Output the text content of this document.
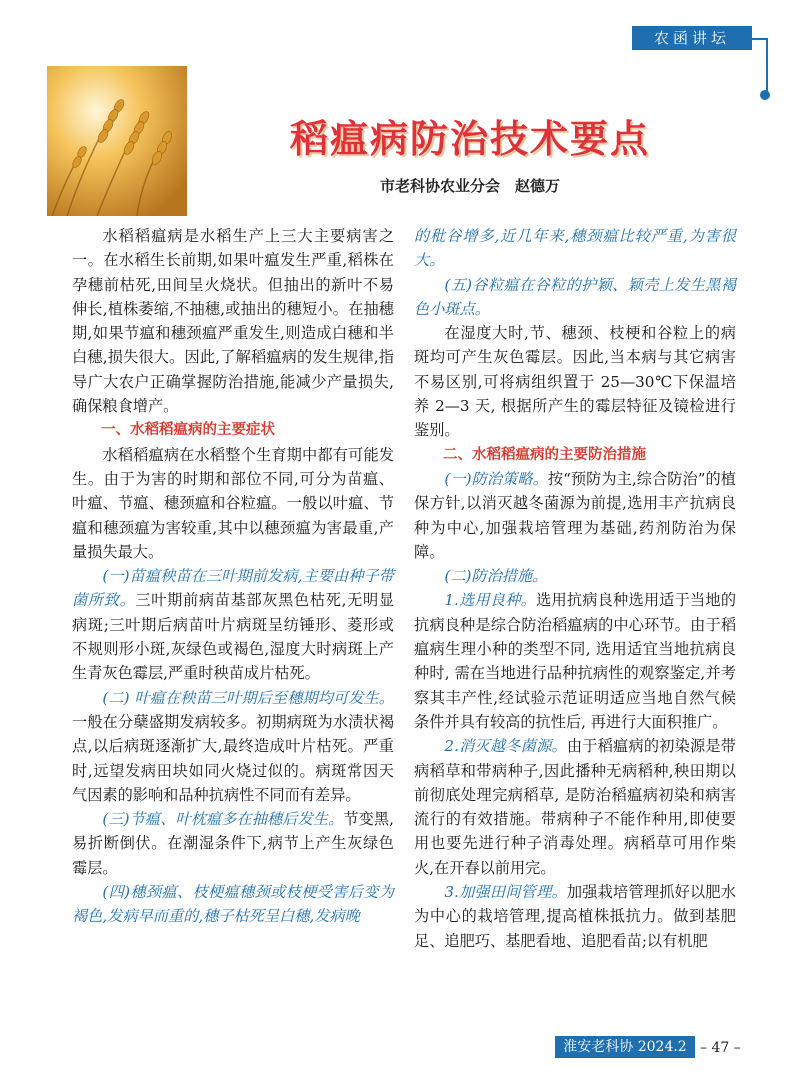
农函讲坛
稻瘟病防治技术要点
市老科协农业分会　赵德万

水稻稻瘟病是水稻生产上三大主要病害之一。在水稻生长前期,如果叶瘟发生严重,稻株在孕穗前枯死,田间呈火烧状。但抽出的新叶不易伸长,植株萎缩,不抽穗,或抽出的穗短小。在抽穗期,如果节瘟和穗颈瘟严重发生,则造成白穗和半白穗,损失很大。因此,了解稻瘟病的发生规律,指导广大农户正确掌握防治措施,能减少产量损失,确保粮食增产。

一、水稻稻瘟病的主要症状

水稻稻瘟病在水稻整个生育期中都有可能发生。由于为害的时期和部位不同,可分为苗瘟、叶瘟、节瘟、穗颈瘟和谷粒瘟。一般以叶瘟、节瘟和穗颈瘟为害较重,其中以穗颈瘟为害最重,产量损失最大。

(一)苗瘟秧苗在三叶期前发病,主要由种子带菌所致。三叶期前病苗基部灰黑色枯死,无明显病斑;三叶期后病苗叶片病斑呈纺锤形、菱形或不规则形小斑,灰绿色或褐色,湿度大时病斑上产生青灰色霉层,严重时秧苗成片枯死。

(二) 叶瘟在秧苗三叶期后至穗期均可发生。一般在分蘖盛期发病较多。初期病斑为水渍状褐点,以后病斑逐渐扩大,最终造成叶片枯死。严重时,远望发病田块如同火烧过似的。病斑常因天气因素的影响和品种抗病性不同而有差异。

(三)节瘟、叶枕瘟多在抽穗后发生。节变黑,易折断倒伏。在潮湿条件下,病节上产生灰绿色霉层。

(四)穗颈瘟、枝梗瘟穗颈或枝梗受害后变为褐色,发病早而重的,穗子枯死呈白穗,发病晚

的秕谷增多,近几年来,穗颈瘟比较严重,为害很大。

(五)谷粒瘟在谷粒的护颖、颖壳上发生黑褐色小斑点。

在湿度大时,节、穗颈、枝梗和谷粒上的病斑均可产生灰色霉层。因此,当本病与其它病害不易区别,可将病组织置于 25—30℃下保温培养 2—3 天, 根据所产生的霉层特征及镜检进行鉴别。

二、水稻稻瘟病的主要防治措施

(一)防治策略。按“预防为主,综合防治”的植保方针,以消灭越冬菌源为前提,选用丰产抗病良种为中心,加强栽培管理为基础,药剂防治为保障。

(二)防治措施。

1.选用良种。选用抗病良种选用适于当地的抗病良种是综合防治稻瘟病的中心环节。由于稻瘟病生理小种的类型不同, 选用适宜当地抗病良种时, 需在当地进行品种抗病性的观察鉴定,并考察其丰产性,经试验示范证明适应当地自然气候条件并具有较高的抗性后, 再进行大面积推广。

2.消灭越冬菌源。由于稻瘟病的初染源是带病稻草和带病种子,因此播种无病稻种,秧田期以前彻底处理完病稻草, 是防治稻瘟病初染和病害流行的有效措施。带病种子不能作种用,即使要用也要先进行种子消毒处理。病稻草可用作柴火,在开春以前用完。

3.加强田间管理。加强栽培管理抓好以肥水为中心的栽培管理,提高植株抵抗力。做到基肥足、追肥巧、基肥看地、追肥看苗;以有机肥

淮安老科协 2024.2 – 47 –
